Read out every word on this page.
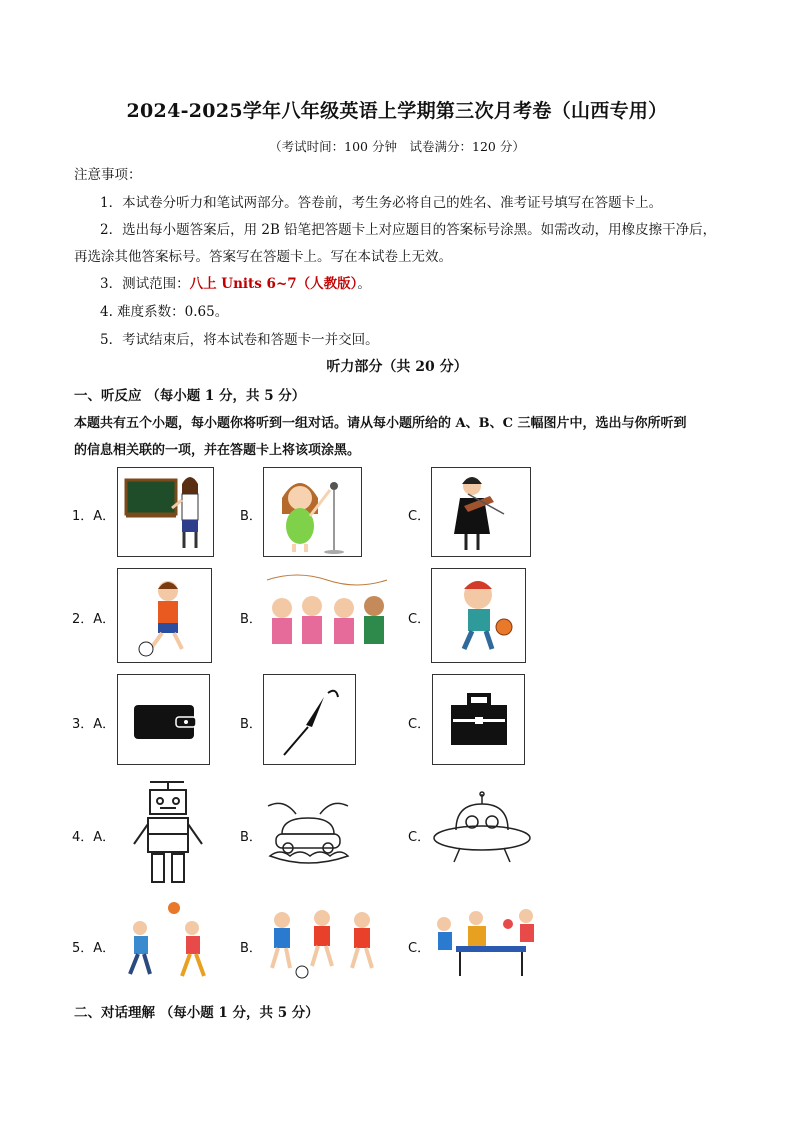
2024-2025学年八年级英语上学期第三次月考卷（山西专用）
（考试时间：100 分钟　试卷满分：120 分）
注意事项：
1．本试卷分听力和笔试两部分。答卷前，考生务必将自己的姓名、准考证号填写在答题卡上。
2．选出每小题答案后，用 2B 铅笔把答题卡上对应题目的答案标号涂黑。如需改动，用橡皮擦干净后，
再选涂其他答案标号。答案写在答题卡上。写在本试卷上无效。
3．测试范围：八上 Units 6~7（人教版）。
4. 难度系数：0.65。
5．考试结束后，将本试卷和答题卡一并交回。
听力部分（共 20 分）
一、听反应 （每小题 1 分，共 5 分）
本题共有五个小题，每小题你将听到一组对话。请从每小题所给的 A、B、C 三幅图片中，选出与你所听到
的信息相关联的一项，并在答题卡上将该项涂黑。
1．A．	B．	C．
2．A．	B．	C．
3．A．	B．	C．
4．A．	B．	C．
5．A．	B．	C．
二、对话理解 （每小题 1 分，共 5 分）
